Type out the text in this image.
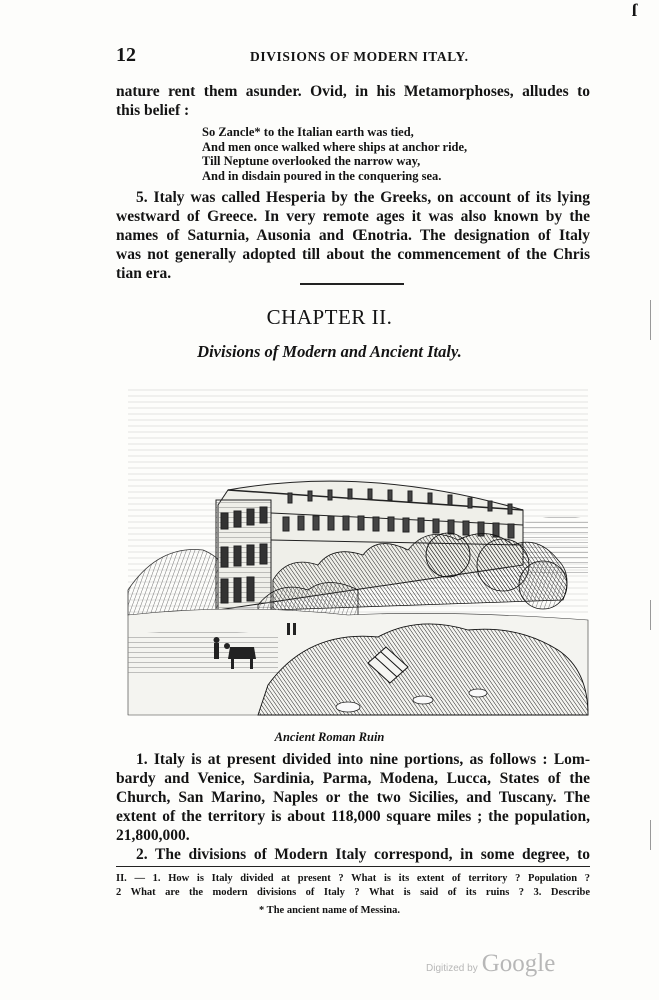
ſ
12	DIVISIONS OF MODERN ITALY.
nature rent them asunder. Ovid, in his Metamorphoses, alludes to
this belief :
So Zancle* to the Italian earth was tied,
And men once walked where ships at anchor ride,
Till Neptune overlooked the narrow way,
And in disdain poured in the conquering sea.
5. Italy was called Hesperia by the Greeks, on account of its lying
westward of Greece. In very remote ages it was also known by the
names of Saturnia, Ausonia and Œnotria. The designation of Italy
was not generally adopted till about the commencement of the Chris
tian era.
CHAPTER II.
Divisions of Modern and Ancient Italy.
Ancient Roman Ruin
1. Italy is at present divided into nine portions, as follows : Lom-
bardy and Venice, Sardinia, Parma, Modena, Lucca, States of the
Church, San Marino, Naples or the two Sicilies, and Tuscany. The
extent of the territory is about 118,000 square miles ; the population,
21,800,000.
2. The divisions of Modern Italy correspond, in some degree, to
II. — 1. How is Italy divided at present ? What is its extent of territory ? Population ?
2 What are the modern divisions of Italy ? What is said of its ruins ? 3. Describe
* The ancient name of Messina.
Digitized by Google
